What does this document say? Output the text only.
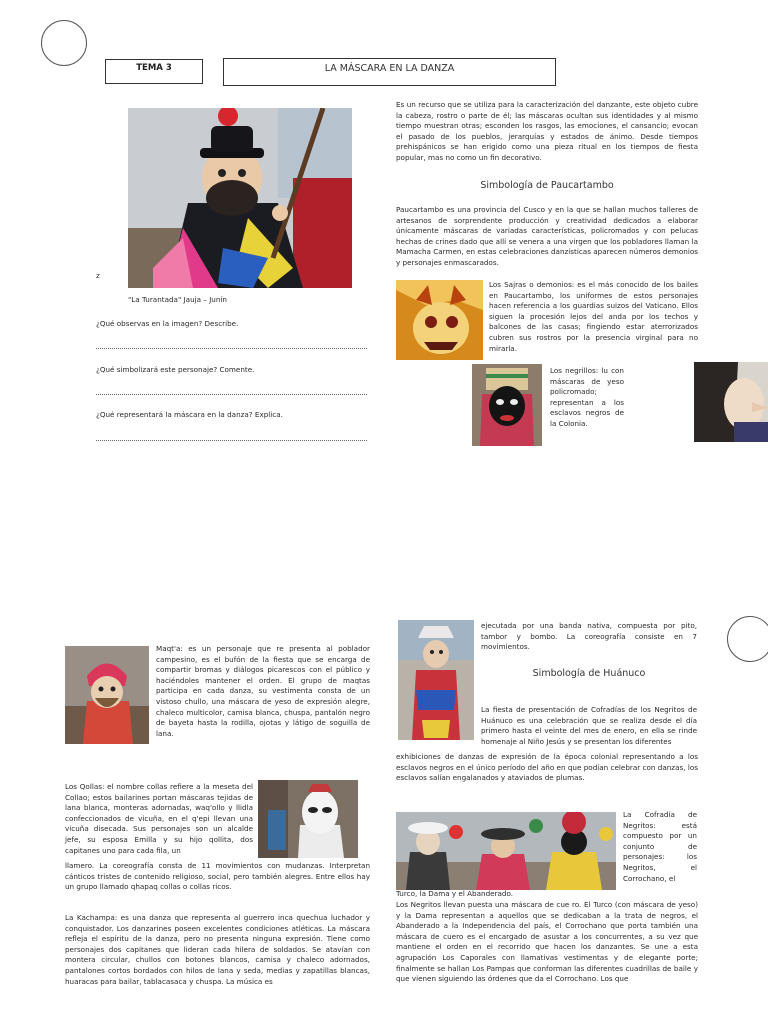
TEMA 3	LA MÁSCARA EN LA DANZA
z
"La Turantada" Jauja – Junín
¿Qué observas en la imagen? Describe.
¿Qué simbolizará este personaje? Comente.
¿Qué representará la máscara en la danza? Explica.
Es un recurso que se utiliza para la caracterización del danzante, este objeto cubre la cabeza, rostro o parte de él; las máscaras ocultan sus identidades y al mismo tiempo muestran otras; esconden los rasgos, las emociones, el cansancio; evocan el pasado de los pueblos, jerarquías y estados de ánimo. Desde tiempos prehispánicos se han erigido como una pieza ritual en los tiempos de fiesta popular, mas no como un fin decorativo.
Simbología de Paucartambo
Paucartambo es una provincia del Cusco y en la que se hallan muchos talleres de artesanos de sorprendente producción y creatividad dedicados a elaborar únicamente máscaras de variadas características, policromados y con pelucas hechas de crines dado que allí se venera a una virgen que los pobladores llaman la Mamacha Carmen, en estas celebraciones danzísticas aparecen números demonios y personajes enmascarados.
Los Sajras o demonios: es el más conocido de los bailes en Paucartambo, los uniformes de estos personajes hacen referencia a los guardias suizos del Vaticano. Ellos siguen la procesión lejos del anda por los techos y balcones de las casas; fingiendo estar aterrorizados cubren sus rostros por la presencia virginal para no mirarla.
Los negrillos: lu con máscaras de yeso policromado; representan a los esclavos negros de la Colonia.
Maqt'a: es un personaje que re presenta al poblador campesino, es el bufón de la fiesta que se encarga de compartir bromas y diálogos picarescos con el público y haciéndoles mantener el orden. El grupo de maqtas participa en cada danza, su vestimenta consta de un vistoso chullo, una máscara de yeso de expresión alegre, chaleco multicolor, camisa blanca, chuspa, pantalón negro de bayeta hasta la rodilla, ojotas y látigo de soguilla de lana.
Los Qollas: el nombre collas refiere a la meseta del Collao; estos bailarines portan máscaras tejidas de lana blanca, monteras adornadas, waq'ollo y llidla confeccionados de vicuña, en el q'epi llevan una vicuña disecada. Sus personajes son un alcalde jefe, su esposa Emilla y su hijo qollita, dos capitanes uno para cada fila, un
llamero. La coreografía consta de 11 movimientos con mudanzas. Interpretan cánticos tristes de contenido religioso, social, pero también alegres. Entre ellos hay un grupo llamado qhapaq collas o collas ricos.
La Kachampa: es una danza que representa al guerrero inca quechua luchador y conquistador. Los danzarines poseen excelentes condiciones atléticas. La máscara refleja el espíritu de la danza, pero no presenta ninguna expresión. Tiene como personajes dos capitanes que lideran cada hilera de soldados. Se atavían con montera circular, chullos con botones blancos, camisa y chaleco adornados, pantalones cortos bordados con hilos de lana y seda, medias y zapatillas blancas, huaracas para bailar, tablacasaca y chuspa. La música es
ejecutada por una banda nativa, compuesta por pito, tambor y bombo. La coreografía consiste en 7 movimientos.
Simbología de Huánuco
La fiesta de presentación de Cofradías de los Negritos de Huánuco es una celebración que se realiza desde el día primero hasta el veinte del mes de enero, en ella se rinde homenaje al Niño Jesús y se presentan los diferentes
exhibiciones de danzas de expresión de la época colonial representando a los esclavos negros en el único período del año en que podían celebrar con danzas, los esclavos salían engalanados y ataviados de plumas.
La Cofradía de Negritos: está compuesto por un conjunto de personajes: los Negritos, el Corrochano, el
Turco, la Dama y el Abanderado.
Los Negritos llevan puesta una máscara de cue ro. El Turco (con máscara de yeso) y la Dama representan a aquellos que se dedicaban a la trata de negros, el Abanderado a la Independencia del país, el Corrochano que porta también una máscara de cuero es el encargado de asustar a los concurrentes, a su vez que mantiene el orden en el recorrido que hacen los danzantes. Se une a esta agrupación Los Caporales con llamativas vestimentas y de elegante porte; finalmente se hallan Los Pampas que conforman las diferentes cuadrillas de baile y que vienen siguiendo las órdenes que da el Corrochano. Los que
